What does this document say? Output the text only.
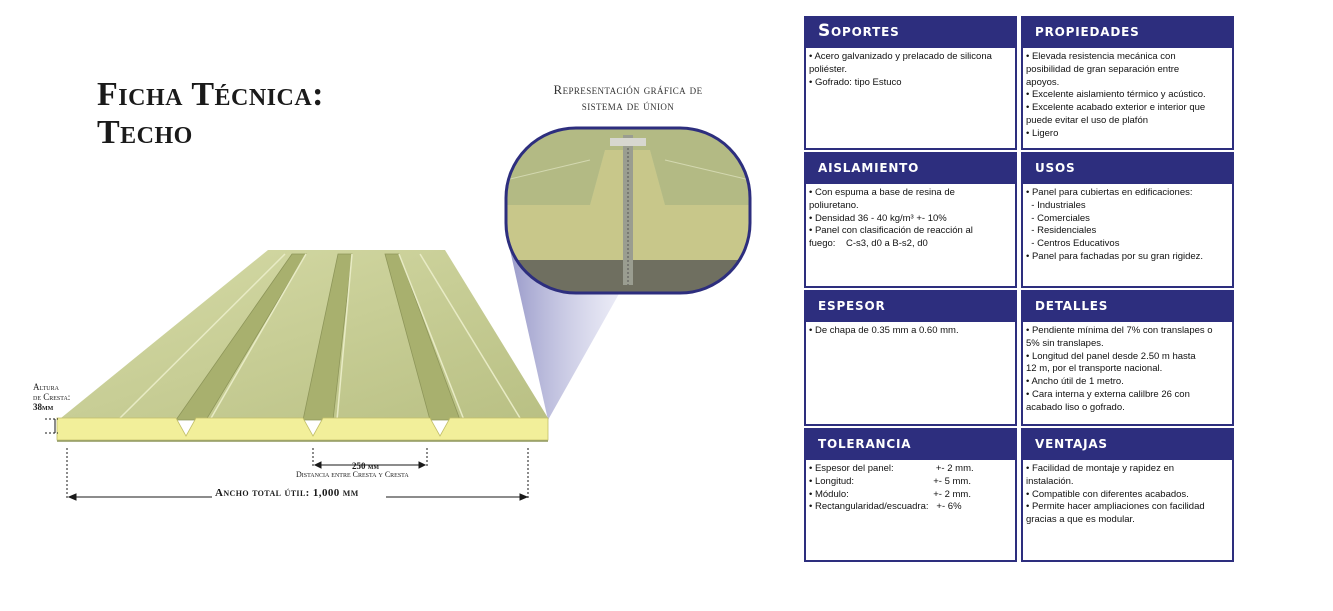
Ficha Técnica:
Techo
Representación gráfica de
sistema de únion
Altura
de Cresta:
38mm
250 mm
Distancia entre Cresta y Cresta
Ancho total útil: 1,000 mm
Soportes
• Acero galvanizado y prelacado de silicona
poliéster.
• Gofrado: tipo Estuco
propiedades
• Elevada resistencia mecánica con
posibilidad de gran separación entre
apoyos.
• Excelente aislamiento térmico y acústico.
• Excelente acabado exterior e interior que
puede evitar el uso de plafón
• Ligero
aislamiento
• Con espuma a base de resina de
poliuretano.
• Densidad 36 - 40 kg/m³ +- 10%
• Panel con clasificación de reacción al
fuego:    C-s3, d0 a B-s2, d0
usos
• Panel para cubiertas en edificaciones:
- Industriales
- Comerciales
- Residenciales
- Centros Educativos
• Panel para fachadas por su gran rigidez.
espesor
• De chapa de 0.35 mm a 0.60 mm.
detalles
• Pendiente mínima del 7% con translapes o
5% sin translapes.
• Longitud del panel desde 2.50 m hasta
12 m, por el transporte nacional.
• Ancho útil de 1 metro.
• Cara interna y externa calilbre 26 con
acabado liso o gofrado.
tolerancia
• Espesor del panel:                +- 2 mm.
• Longitud:                              +- 5 mm.
• Módulo:                                +- 2 mm.
• Rectangularidad/escuadra:   +- 6%
ventajas
• Facilidad de montaje y rapidez en
instalación.
• Compatible con diferentes acabados.
• Permite hacer ampliaciones con facilidad
gracias a que es modular.
